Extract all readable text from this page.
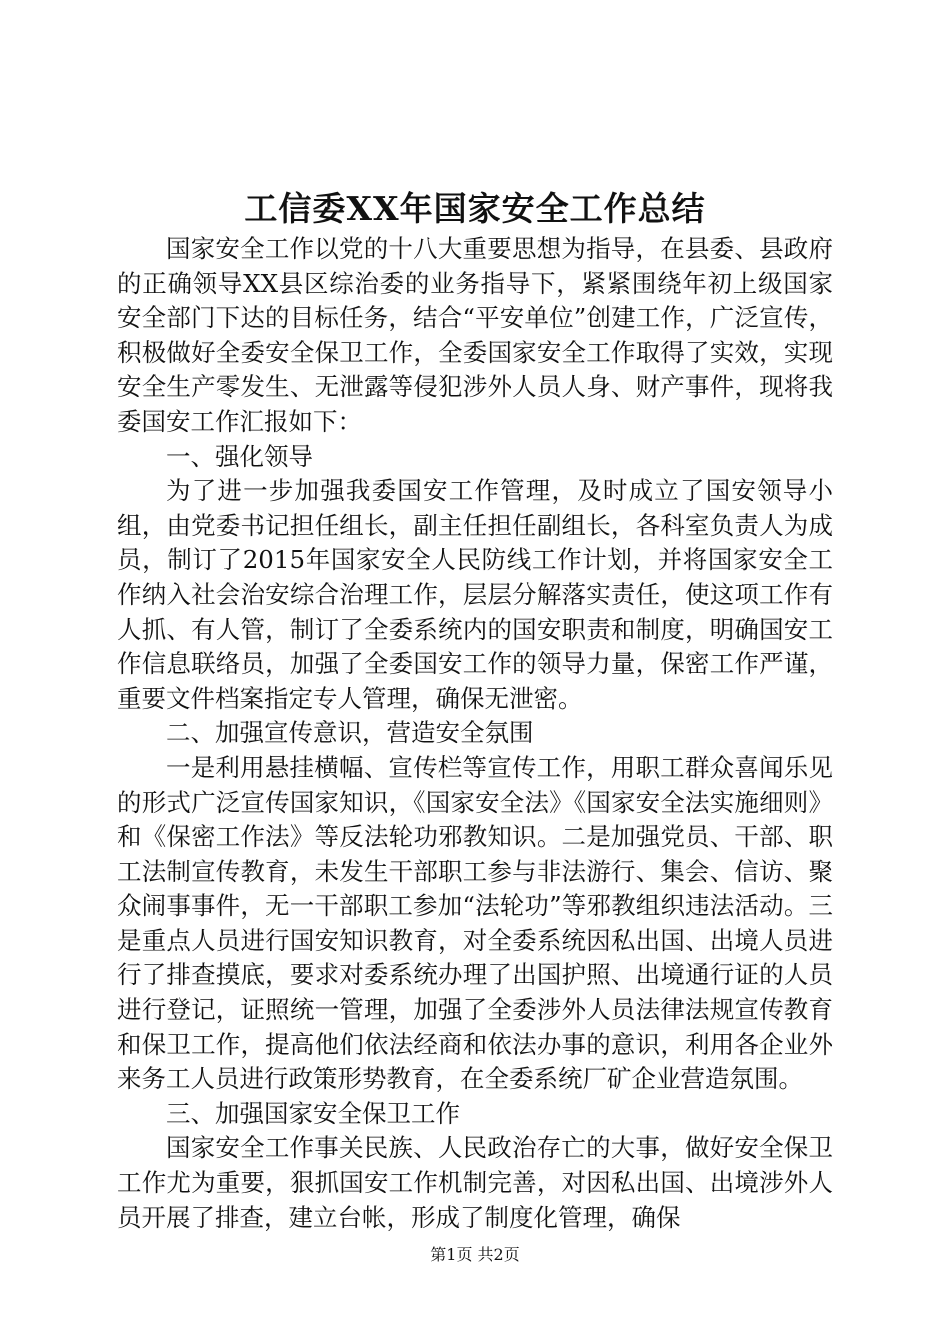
工信委XX年国家安全工作总结

国家安全工作以党的十八大重要思想为指导，在县委、县政府的正确领导XX县区综治委的业务指导下，紧紧围绕年初上级国家安全部门下达的目标任务，结合“平安单位”创建工作，广泛宣传，积极做好全委安全保卫工作，全委国家安全工作取得了实效，实现安全生产零发生、无泄露等侵犯涉外人员人身、财产事件，现将我委国安工作汇报如下：

一、强化领导

为了进一步加强我委国安工作管理，及时成立了国安领导小组，由党委书记担任组长，副主任担任副组长，各科室负责人为成员，制订了2015年国家安全人民防线工作计划，并将国家安全工作纳入社会治安综合治理工作，层层分解落实责任，使这项工作有人抓、有人管，制订了全委系统内的国安职责和制度，明确国安工作信息联络员，加强了全委国安工作的领导力量，保密工作严谨，重要文件档案指定专人管理，确保无泄密。

二、加强宣传意识，营造安全氛围

一是利用悬挂横幅、宣传栏等宣传工作，用职工群众喜闻乐见的形式广泛宣传国家知识，《国家安全法》《国家安全法实施细则》和《保密工作法》等反法轮功邪教知识。二是加强党员、干部、职工法制宣传教育，未发生干部职工参与非法游行、集会、信访、聚众闹事事件，无一干部职工参加“法轮功”等邪教组织违法活动。三是重点人员进行国安知识教育，对全委系统因私出国、出境人员进行了排查摸底，要求对委系统办理了出国护照、出境通行证的人员进行登记，证照统一管理，加强了全委涉外人员法律法规宣传教育和保卫工作，提高他们依法经商和依法办事的意识，利用各企业外来务工人员进行政策形势教育，在全委系统厂矿企业营造氛围。

三、加强国家安全保卫工作

国家安全工作事关民族、人民政治存亡的大事，做好安全保卫工作尤为重要，狠抓国安工作机制完善，对因私出国、出境涉外人员开展了排查，建立台帐，形成了制度化管理，确保

第1页 共2页
